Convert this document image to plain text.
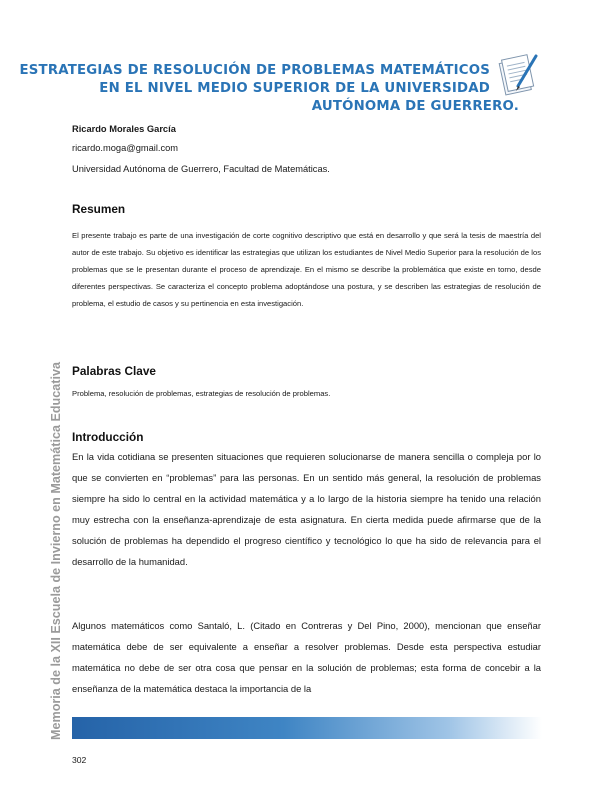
ESTRATEGIAS DE RESOLUCIÓN DE PROBLEMAS MATEMÁTICOS
EN EL NIVEL MEDIO SUPERIOR DE LA UNIVERSIDAD
AUTÓNOMA DE GUERRERO.
Ricardo Morales García
ricardo.moga@gmail.com
Universidad Autónoma de Guerrero, Facultad de Matemáticas.
Resumen

El presente trabajo es parte de una investigación de corte cognitivo descriptivo que está en desarrollo y que será la tesis de maestría del autor de este trabajo. Su objetivo es identificar las estrategias que utilizan los estudiantes de Nivel Medio Superior para la resolución de los problemas que se le presentan durante el proceso de aprendizaje. En el mismo se describe la problemática que existe en torno, desde diferentes perspectivas. Se caracteriza el concepto problema adoptándose una postura, y se describen las estrategias de resolución de problema, el estudio de casos y su pertinencia en esta investigación.

Palabras Clave

Problema, resolución de problemas, estrategias de resolución de problemas.

Introducción

En la vida cotidiana se presenten situaciones que requieren solucionarse de manera sencilla o compleja por lo que se convierten en “problemas” para las personas. En un sentido más general, la resolución de problemas siempre ha sido lo central en la actividad matemática y a lo largo de la historia siempre ha tenido una relación muy estrecha con la enseñanza-aprendizaje de esta asignatura. En cierta medida puede afirmarse que de la solución de problemas ha dependido el progreso científico y tecnológico lo que ha sido de relevancia para el desarrollo de la humanidad.

Algunos matemáticos como Santaló, L. (Citado en Contreras y Del Pino, 2000), mencionan que enseñar matemática debe de ser equivalente a enseñar a resolver problemas. Desde esta perspectiva estudiar matemática no debe de ser otra cosa que pensar en la solución de problemas; esta forma de concebir a la enseñanza de la matemática destaca la importancia de la

Memoria de la XII Escuela de Invierno en Matemática Educativa
302
